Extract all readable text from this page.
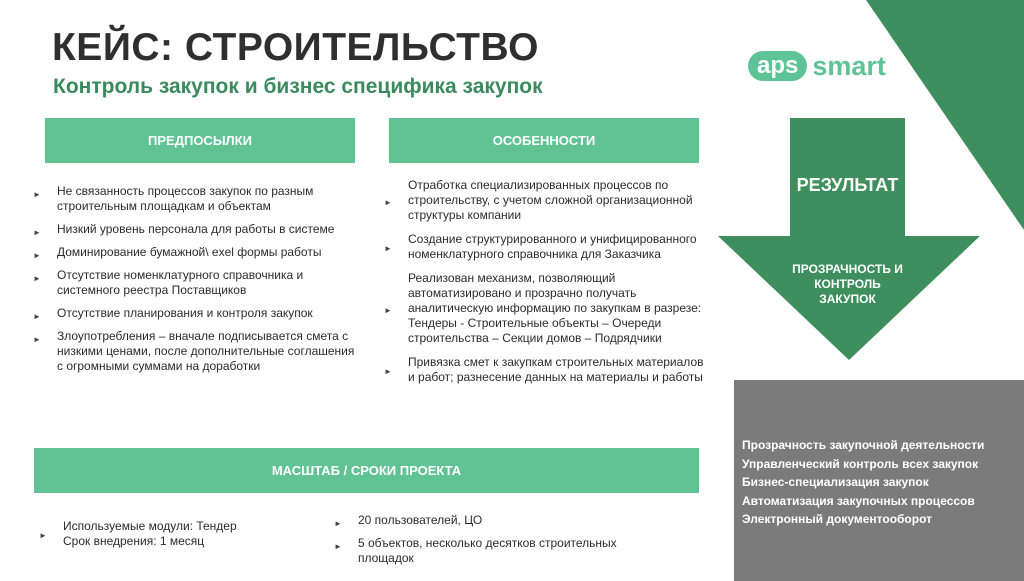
КЕЙС: СТРОИТЕЛЬСТВО
Контроль закупок и бизнес специфика закупок
aps smart
ПРЕДПОСЫЛКИ	ОСОБЕННОСТИ
► Не связанность процессов закупок по разным строительным площадкам и объектам
► Низкий уровень персонала для работы в системе
► Доминирование бумажной\ exel формы работы
► Отсутствие номенклатурного справочника и системного реестра Поставщиков
► Отсутствие планирования и контроля закупок
► Злоупотребления – вначале подписывается смета с низкими ценами, после дополнительные соглашения с огромными суммами на доработки
►
Отработка специализированных процессов по строительству, с учетом сложной организационной структуры компании
►
Создание структурированного и унифицированного номенклатурного справочника для Заказчика
►
Реализован механизм, позволяющий автоматизировано и прозрачно получать аналитическую информацию по закупкам в разрезе: Тендеры - Строительные объекты – Очереди строительства – Секции домов – Подрядчики
►
Привязка смет к закупкам строительных материалов и работ; разнесение данных на материалы и работы
МАСШТАБ / СРОКИ ПРОЕКТА
►
Используемые модули: Тендер
Срок внедрения: 1 месяц
► 20 пользователей, ЦО
► 5 объектов, несколько десятков строительных площадок
РЕЗУЛЬТАТ
ПРОЗРАЧНОСТЬ И КОНТРОЛЬ ЗАКУПОК
Прозрачность закупочной деятельности
Управленческий контроль всех закупок
Бизнес-специализация закупок
Автоматизация закупочных процессов
Электронный документооборот
